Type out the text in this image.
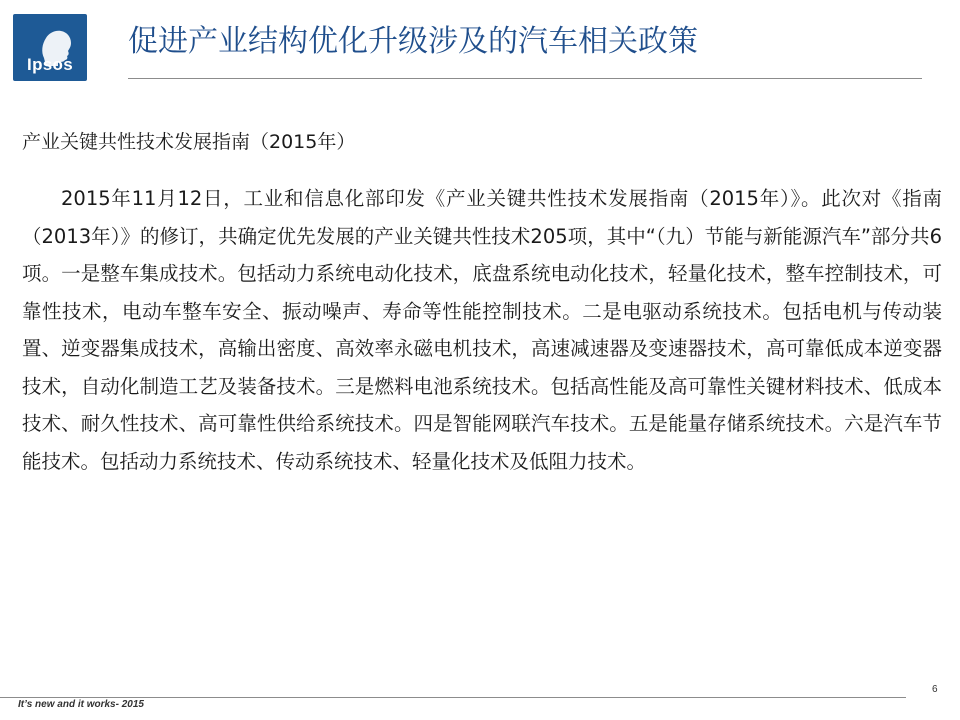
Ipsos
促进产业结构优化升级涉及的汽车相关政策
产业关键共性技术发展指南（2015年）

2015年11月12日，工业和信息化部印发《产业关键共性技术发展指南（2015年）》。此次对《指南（2013年）》的修订，共确定优先发展的产业关键共性技术205项，其中“（九）节能与新能源汽车”部分共6项。一是整车集成技术。包括动力系统电动化技术，底盘系统电动化技术，轻量化技术，整车控制技术，可靠性技术，电动车整车安全、振动噪声、寿命等性能控制技术。二是电驱动系统技术。包括电机与传动装置、逆变器集成技术，高输出密度、高效率永磁电机技术，高速减速器及变速器技术，高可靠低成本逆变器技术，自动化制造工艺及装备技术。三是燃料电池系统技术。包括高性能及高可靠性关键材料技术、低成本技术、耐久性技术、高可靠性供给系统技术。四是智能网联汽车技术。五是能量存储系统技术。六是汽车节能技术。包括动力系统技术、传动系统技术、轻量化技术及低阻力技术。

It’s new and it works- 2015
6
